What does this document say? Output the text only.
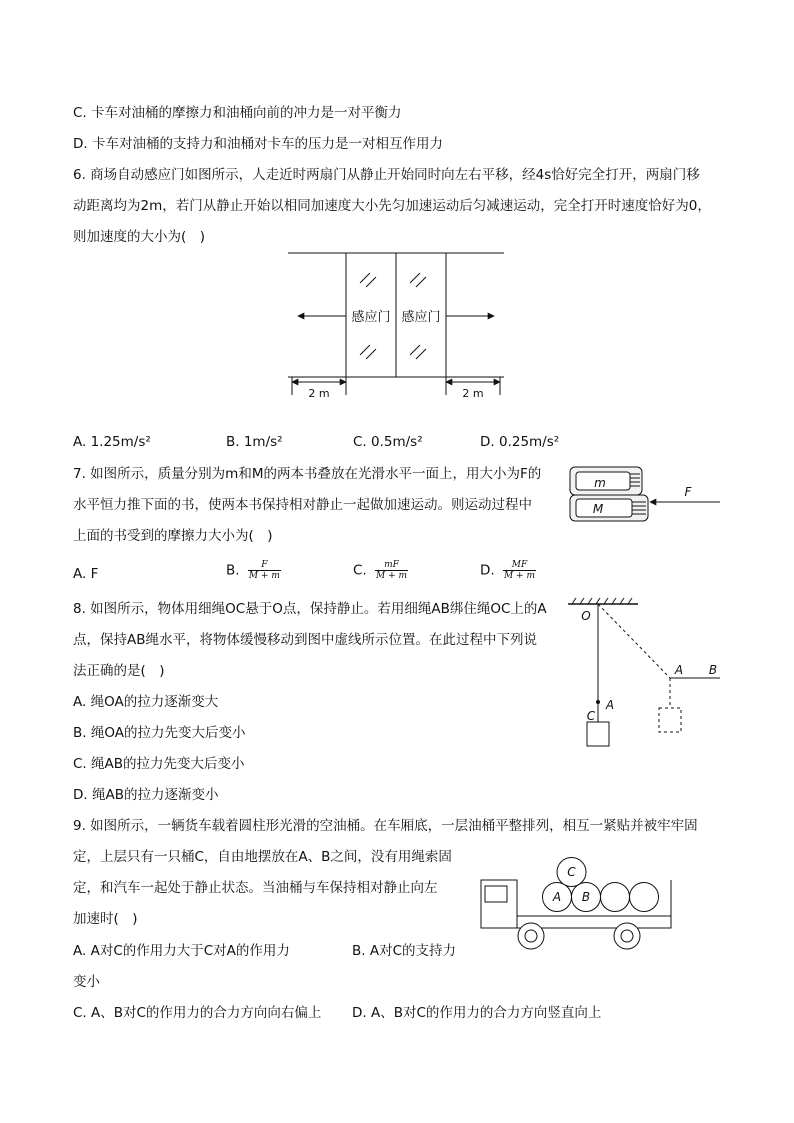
C. 卡车对油桶的摩擦力和油桶向前的冲力是一对平衡力
D. 卡车对油桶的支持力和油桶对卡车的压力是一对相互作用力
6. 商场自动感应门如图所示，人走近时两扇门从静止开始同时向左右平移，经4s恰好完全打开，两扇门移
动距离均为2m，若门从静止开始以相同加速度大小先匀加速运动后匀减速运动，完全打开时速度恰好为0，
则加速度的大小为(　)
感应门 感应门
2 m	2 m
A. 1.25m/s²	B. 1m/s²	C. 0.5m/s²	D. 0.25m/s²
7. 如图所示，质量分别为m和M的两本书叠放在光滑水平一面上，用大小为F的
水平恒力推下面的书，使两本书保持相对静止一起做加速运动。则运动过程中
上面的书受到的摩擦力大小为(　)
m
M
F
A. F	B. $\frac{F}{M + m}$	C. $\frac{mF}{M + m}$	D. $\frac{MF}{M + m}$
8. 如图所示，物体用细绳OC悬于O点，保持静止。若用细绳AB绑住绳OC上的A
点，保持AB绳水平，将物体缓慢移动到图中虚线所示位置。在此过程中下列说
法正确的是(　)
A. 绳OA的拉力逐渐变大
B. 绳OA的拉力先变大后变小
C. 绳AB的拉力先变大后变小
D. 绳AB的拉力逐渐变小
O
A
C
A B
9. 如图所示，一辆货车载着圆柱形光滑的空油桶。在车厢底，一层油桶平整排列，相互一紧贴并被牢牢固
定，上层只有一只桶C，自由地摆放在A、B之间，没有用绳索固
定，和汽车一起处于静止状态。当油桶与车保持相对静止向左
加速时(　)
A. A对C的作用力大于C对A的作用力	B. A对C的支持力
变小
C. A、B对C的作用力的合力方向向右偏上 D. A、B对C的作用力的合力方向竖直向上
A B
C
